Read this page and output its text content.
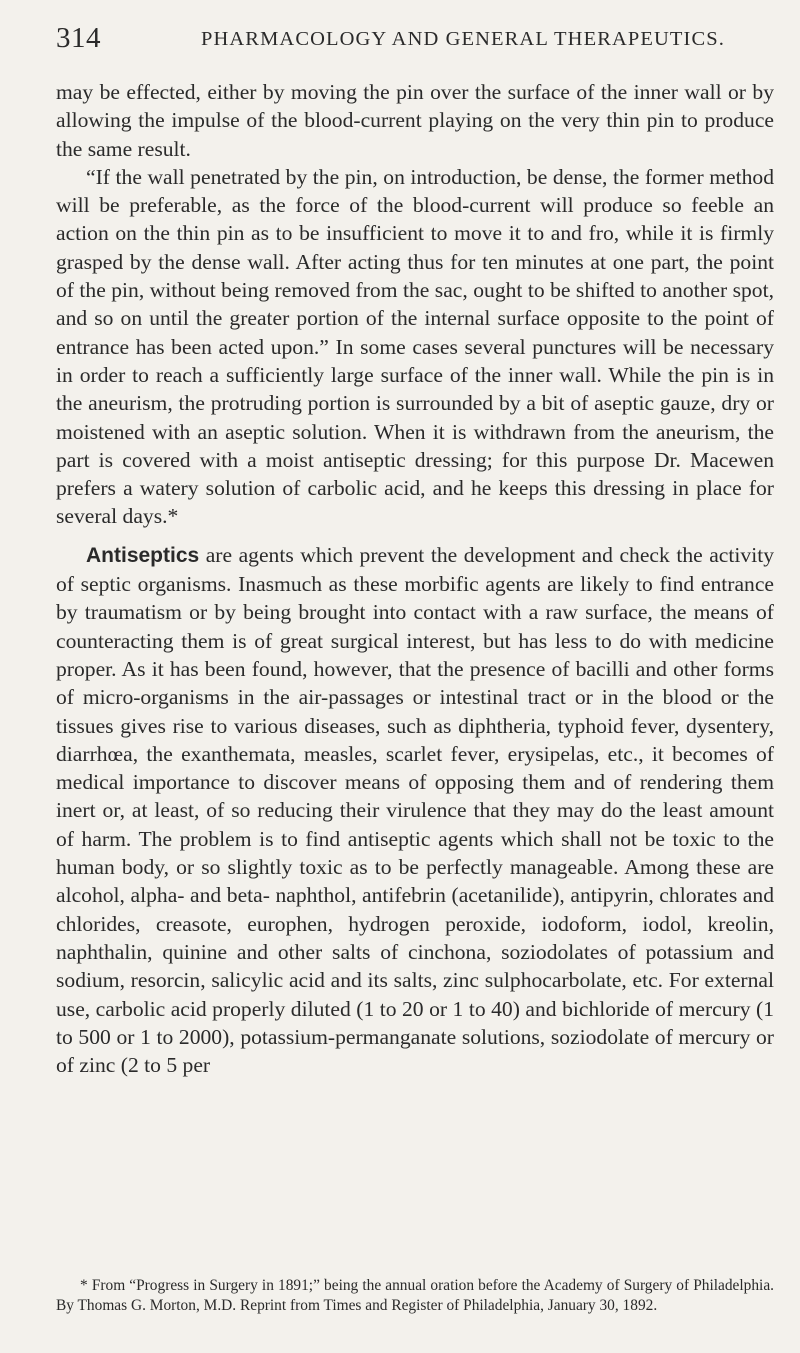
314	PHARMACOLOGY AND GENERAL THERAPEUTICS.

may be effected, either by moving the pin over the surface of the inner wall or by allowing the impulse of the blood-current playing on the very thin pin to produce the same result.

“If the wall penetrated by the pin, on introduction, be dense, the former method will be preferable, as the force of the blood-current will produce so feeble an action on the thin pin as to be insufficient to move it to and fro, while it is firmly grasped by the dense wall. After acting thus for ten minutes at one part, the point of the pin, without being removed from the sac, ought to be shifted to another spot, and so on until the greater portion of the internal surface opposite to the point of entrance has been acted upon.” In some cases several punctures will be necessary in order to reach a sufficiently large surface of the inner wall. While the pin is in the aneurism, the protruding portion is surrounded by a bit of aseptic gauze, dry or moistened with an aseptic solution. When it is withdrawn from the aneurism, the part is covered with a moist antiseptic dressing; for this purpose Dr. Macewen prefers a watery solution of carbolic acid, and he keeps this dressing in place for several days.*

Antiseptics are agents which prevent the development and check the activity of septic organisms. Inasmuch as these morbific agents are likely to find entrance by traumatism or by being brought into contact with a raw surface, the means of counteracting them is of great surgical interest, but has less to do with medicine proper. As it has been found, however, that the presence of bacilli and other forms of micro-organisms in the air-passages or intestinal tract or in the blood or the tissues gives rise to various diseases, such as diphtheria, typhoid fever, dysentery, diarrhœa, the exanthemata, measles, scarlet fever, erysipelas, etc., it becomes of medical importance to discover means of opposing them and of rendering them inert or, at least, of so reducing their virulence that they may do the least amount of harm. The problem is to find antiseptic agents which shall not be toxic to the human body, or so slightly toxic as to be perfectly manageable. Among these are alcohol, alpha- and beta- naphthol, antifebrin (acetanilide), antipyrin, chlorates and chlorides, creasote, europhen, hydrogen peroxide, iodoform, iodol, kreolin, naphthalin, quinine and other salts of cinchona, soziodolates of potassium and sodium, resorcin, salicylic acid and its salts, zinc sulphocarbolate, etc. For external use, carbolic acid properly diluted (1 to 20 or 1 to 40) and bichloride of mercury (1 to 500 or 1 to 2000), potassium-permanganate solutions, soziodolate of mercury or of zinc (2 to 5 per

* From “Progress in Surgery in 1891;” being the annual oration before the Academy of Surgery of Philadelphia. By Thomas G. Morton, M.D. Reprint from Times and Register of Philadelphia, January 30, 1892.
